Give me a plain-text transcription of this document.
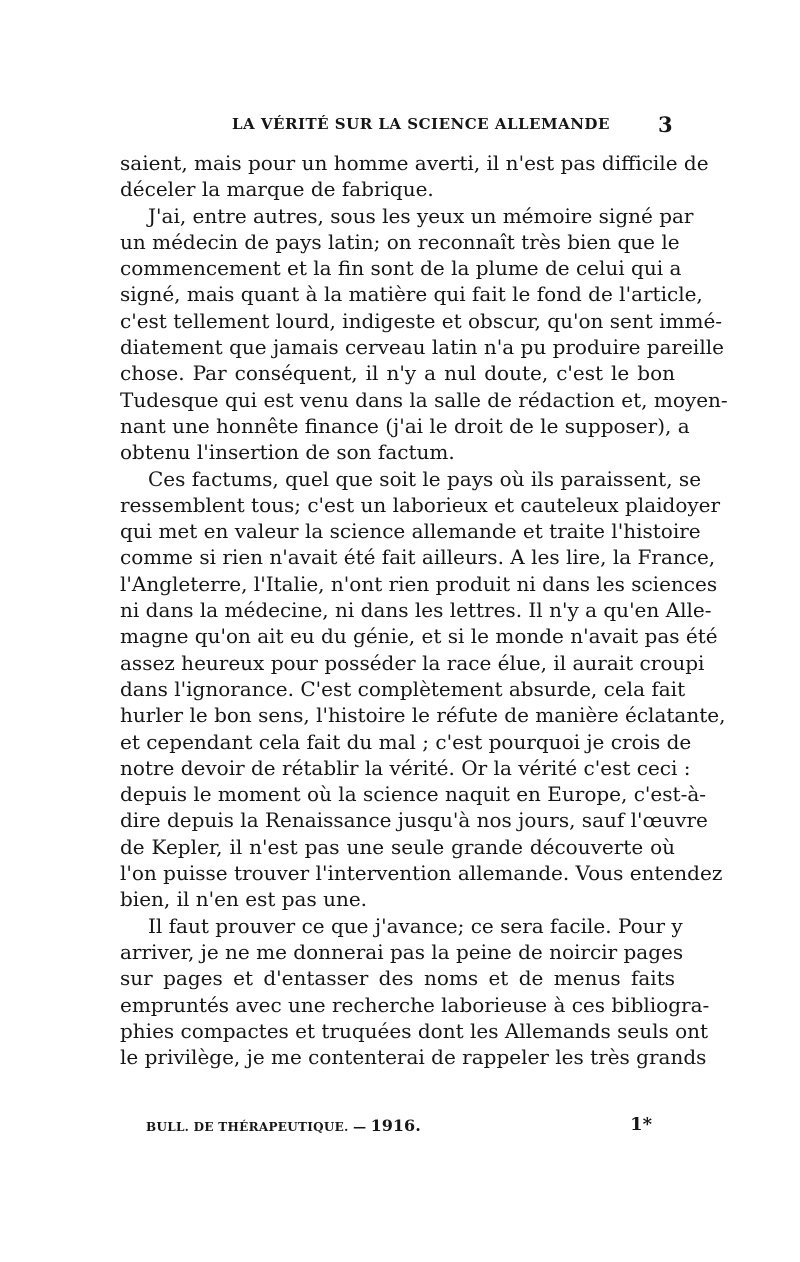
LA VÉRITÉ SUR LA SCIENCE ALLEMANDE 3
saient, mais pour un homme averti, il n'est pas difficile de
déceler la marque de fabrique.
J'ai, entre autres, sous les yeux un mémoire signé par
un médecin de pays latin; on reconnaît très bien que le
commencement et la fin sont de la plume de celui qui a
signé, mais quant à la matière qui fait le fond de l'article,
c'est tellement lourd, indigeste et obscur, qu'on sent immé-
diatement que jamais cerveau latin n'a pu produire pareille
chose. Par conséquent, il n'y a nul doute, c'est le bon
Tudesque qui est venu dans la salle de rédaction et, moyen-
nant une honnête finance (j'ai le droit de le supposer), a
obtenu l'insertion de son factum.
Ces factums, quel que soit le pays où ils paraissent, se
ressemblent tous; c'est un laborieux et cauteleux plaidoyer
qui met en valeur la science allemande et traite l'histoire
comme si rien n'avait été fait ailleurs. A les lire, la France,
l'Angleterre, l'Italie, n'ont rien produit ni dans les sciences
ni dans la médecine, ni dans les lettres. Il n'y a qu'en Alle-
magne qu'on ait eu du génie, et si le monde n'avait pas été
assez heureux pour posséder la race élue, il aurait croupi
dans l'ignorance. C'est complètement absurde, cela fait
hurler le bon sens, l'histoire le réfute de manière éclatante,
et cependant cela fait du mal ; c'est pourquoi je crois de
notre devoir de rétablir la vérité. Or la vérité c'est ceci :
depuis le moment où la science naquit en Europe, c'est-à-
dire depuis la Renaissance jusqu'à nos jours, sauf l'œuvre
de Kepler, il n'est pas une seule grande découverte où
l'on puisse trouver l'intervention allemande. Vous entendez
bien, il n'en est pas une.
Il faut prouver ce que j'avance; ce sera facile. Pour y
arriver, je ne me donnerai pas la peine de noircir pages
sur pages et d'entasser des noms et de menus faits
empruntés avec une recherche laborieuse à ces bibliogra-
phies compactes et truquées dont les Allemands seuls ont
le privilège, je me contenterai de rappeler les très grands
BULL. DE THÉRAPEUTIQUE. — 1916.	1*
